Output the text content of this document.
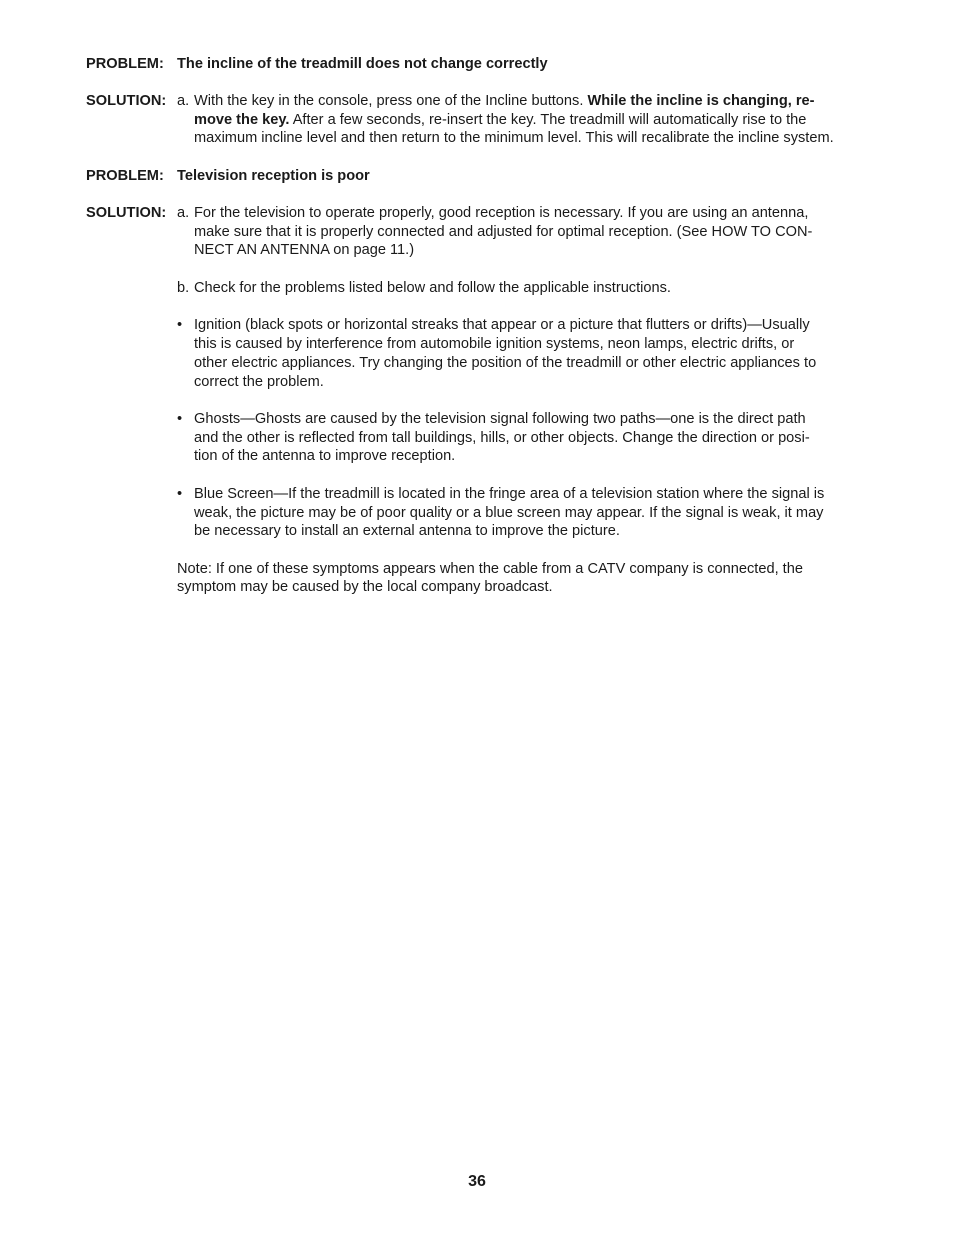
PROBLEM: The incline of the treadmill does not change correctly
SOLUTION: a. With the key in the console, press one of the Incline buttons. While the incline is changing, re-
move the key. After a few seconds, re-insert the key. The treadmill will automatically rise to the
maximum incline level and then return to the minimum level. This will recalibrate the incline system.
PROBLEM: Television reception is poor
SOLUTION: a. For the television to operate properly, good reception is necessary. If you are using an antenna,
make sure that it is properly connected and adjusted for optimal reception. (See HOW TO CON-
NECT AN ANTENNA on page 11.)
b. Check for the problems listed below and follow the applicable instructions.
• Ignition (black spots or horizontal streaks that appear or a picture that flutters or drifts)—Usually
this is caused by interference from automobile ignition systems, neon lamps, electric drifts, or
other electric appliances. Try changing the position of the treadmill or other electric appliances to
correct the problem.
• Ghosts—Ghosts are caused by the television signal following two paths—one is the direct path
and the other is reflected from tall buildings, hills, or other objects. Change the direction or posi-
tion of the antenna to improve reception.
• Blue Screen—If the treadmill is located in the fringe area of a television station where the signal is
weak, the picture may be of poor quality or a blue screen may appear. If the signal is weak, it may
be necessary to install an external antenna to improve the picture.
Note: If one of these symptoms appears when the cable from a CATV company is connected, the
symptom may be caused by the local company broadcast.
36
